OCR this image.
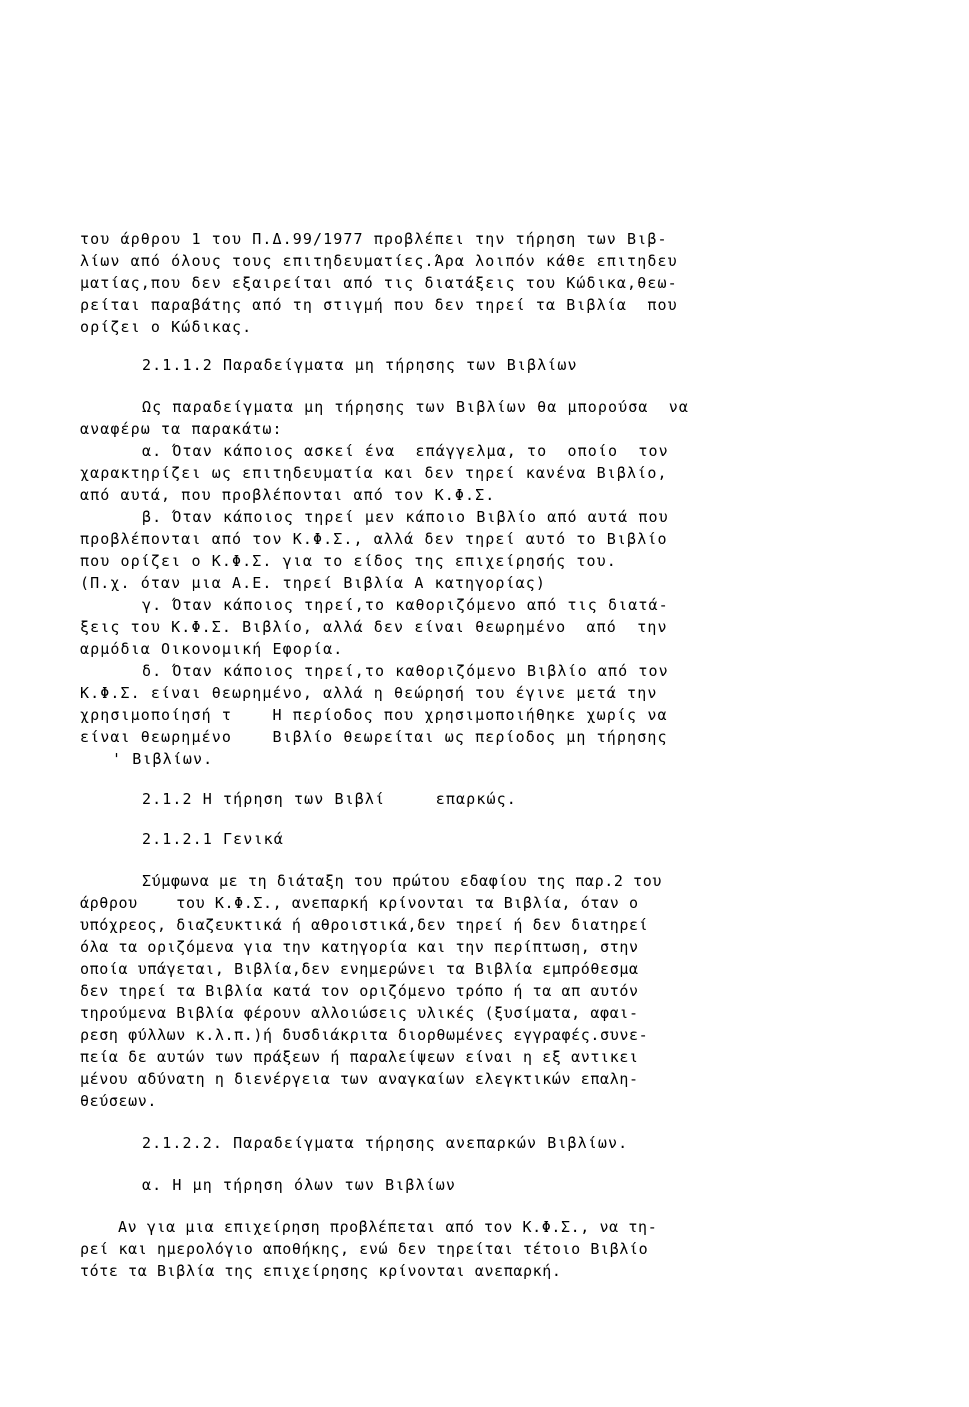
του άρθρου 1 του Π.Δ.99/1977 προβλέπει την τήρηση των Βιβ-
λίων από όλους τους επιτηδευματίες.Άρα λοιπόν κάθε επιτηδευ
ματίας,που δεν εξαιρείται από τις διατάξεις του Κώδικα,θεω-
ρείται παραβάτης από τη στιγμή που δεν τηρεί τα Βιβλία  που
ορίζει ο Κώδικας.
2.1.1.2 Παραδείγματα μη τήρησης των Βιβλίων
Ως παραδείγματα μη τήρησης των Βιβλίων θα μπορούσα  να
αναφέρω τα παρακάτω:
α. Όταν κάποιος ασκεί ένα  επάγγελμα, το  οποίο  τον
χαρακτηρίζει ως επιτηδευματία και δεν τηρεί κανένα Βιβλίο,
από αυτά, που προβλέπονται από τον Κ.Φ.Σ.
β. Όταν κάποιος τηρεί μεν κάποιο Βιβλίο από αυτά που
προβλέπονται από τον Κ.Φ.Σ., αλλά δεν τηρεί αυτό το Βιβλίο
που ορίζει ο Κ.Φ.Σ. για το είδος της επιχείρησής του.
(Π.χ. όταν μια Α.Ε. τηρεί Βιβλία Α κατηγορίας)
γ. Όταν κάποιος τηρεί,το καθοριζόμενο από τις διατά-
ξεις του Κ.Φ.Σ. Βιβλίο, αλλά δεν είναι θεωρημένο  από  την
αρμόδια Οικονομική Εφορία.
δ. Όταν κάποιος τηρεί,το καθοριζόμενο Βιβλίο από τον
Κ.Φ.Σ. είναι θεωρημένο, αλλά η θεώρησή του έγινε μετά την
χρησιμοποίησή τ    Η περίοδος που χρησιμοποιήθηκε χωρίς να
είναι θεωρημένο    Βιβλίο θεωρείται ως περίοδος μη τήρησης
' Βιβλίων.
2.1.2 Η τήρηση των Βιβλί     επαρκώς.
2.1.2.1 Γενικά
Σύμφωνα με τη διάταξη του πρώτου εδαφίου της παρ.2 του
άρθρου    του Κ.Φ.Σ., ανεπαρκή κρίνονται τα Βιβλία, όταν ο
υπόχρεος, διαζευκτικά ή αθροιστικά,δεν τηρεί ή δεν διατηρεί
όλα τα οριζόμενα για την κατηγορία και την περίπτωση, στην
οποία υπάγεται, Βιβλία,δεν ενημερώνει τα Βιβλία εμπρόθεσμα
δεν τηρεί τα Βιβλία κατά τον οριζόμενο τρόπο ή τα απ αυτόν
τηρούμενα Βιβλία φέρουν αλλοιώσεις υλικές (ξυσίματα, αφαι-
ρεση φύλλων κ.λ.π.)ή δυσδιάκριτα διορθωμένες εγγραφές.συνε-
πεία δε αυτών των πράξεων ή παραλείψεων είναι η εξ αντικει
μένου αδύνατη η διενέργεια των αναγκαίων ελεγκτικών επαλη-
θεύσεων.
2.1.2.2. Παραδείγματα τήρησης ανεπαρκών Βιβλίων.
α. Η μη τήρηση όλων των Βιβλίων
Αν για μια επιχείρηση προβλέπεται από τον Κ.Φ.Σ., να τη-
ρεί και ημερολόγιο αποθήκης, ενώ δεν τηρείται τέτοιο Βιβλίο
τότε τα Βιβλία της επιχείρησης κρίνονται ανεπαρκή.
